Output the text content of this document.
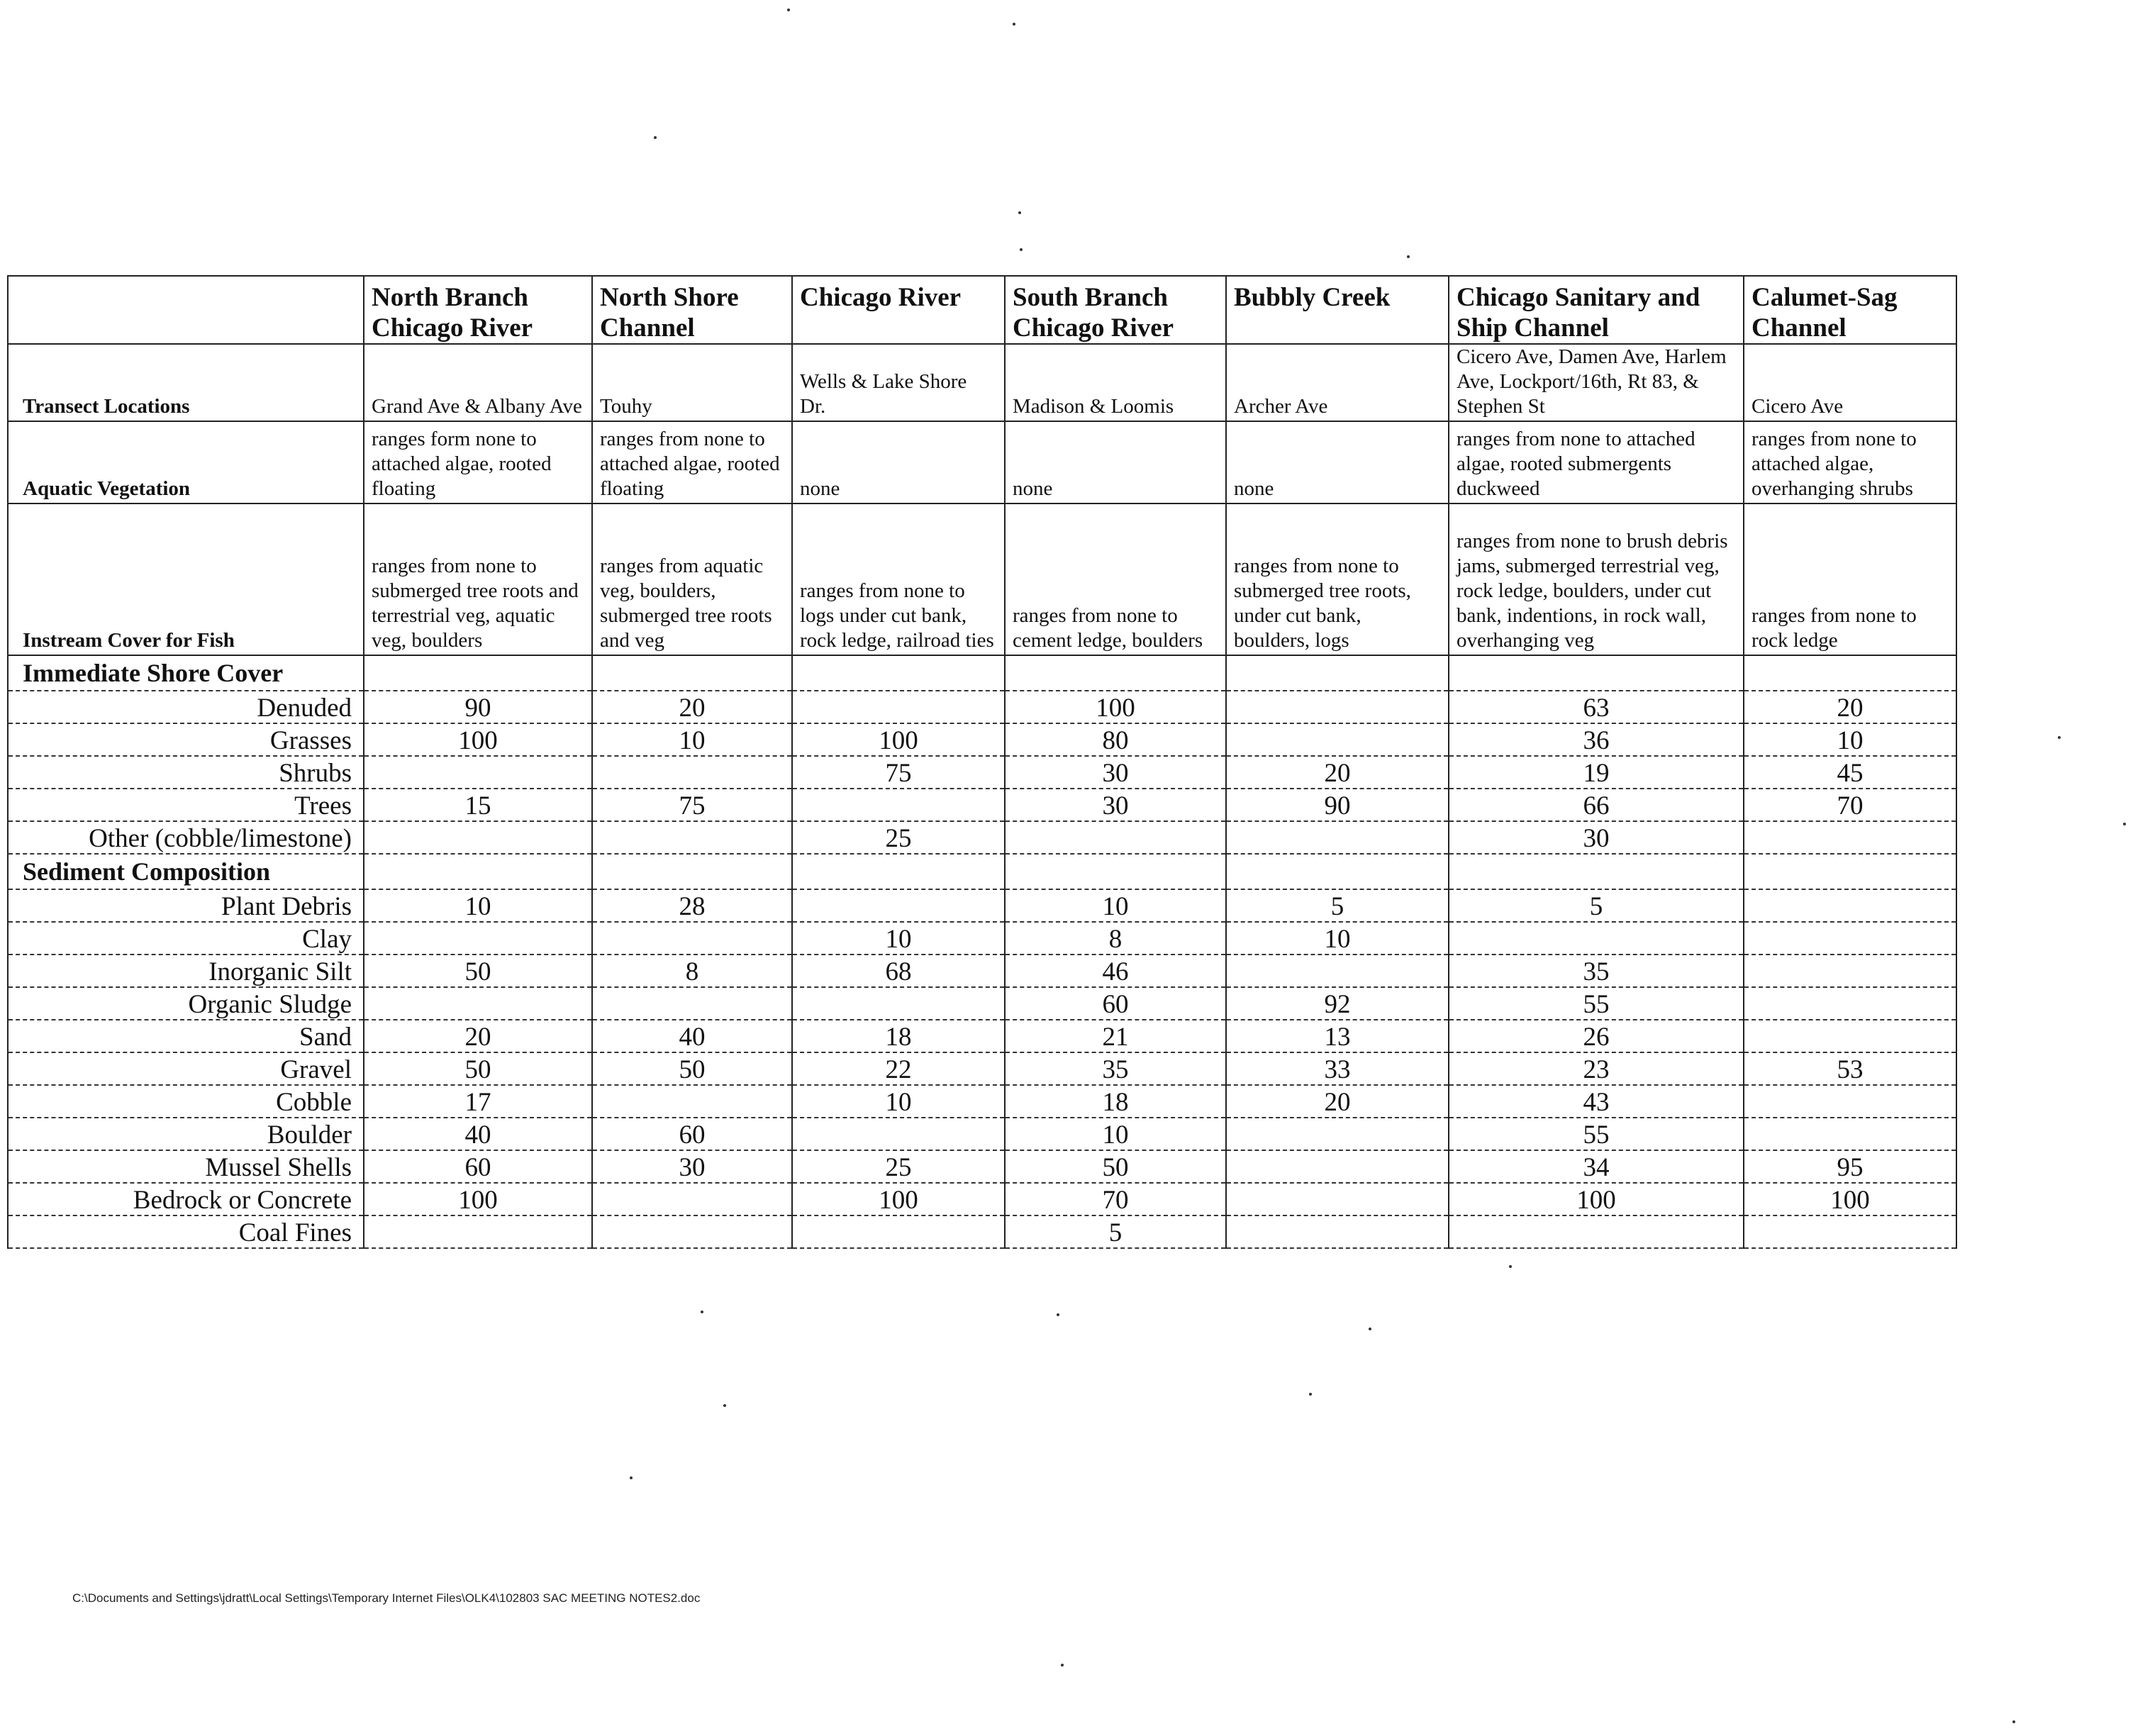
	North Branch Chicago River	North Shore Channel	Chicago River	South Branch Chicago River	Bubbly Creek	Chicago Sanitary and Ship Channel	Calumet-Sag Channel
Transect Locations	Grand Ave & Albany Ave	Touhy	Wells & Lake Shore Dr.	Madison & Loomis	Archer Ave	Cicero Ave, Damen Ave, Harlem Ave, Lockport/16th, Rt 83, & Stephen St	Cicero Ave
Aquatic Vegetation	ranges form none to attached algae, rooted floating	ranges from none to attached algae, rooted floating	none	none	none	ranges from none to attached algae, rooted submergents duckweed	ranges from none to attached algae, overhanging shrubs
Instream Cover for Fish	ranges from none to submerged tree roots and terrestrial veg, aquatic veg, boulders	ranges from aquatic veg, boulders, submerged tree roots and veg	ranges from none to logs under cut bank, rock ledge, railroad ties	ranges from none to cement ledge, boulders	ranges from none to submerged tree roots, under cut bank, boulders, logs	ranges from none to brush debris jams, submerged terrestrial veg, rock ledge, boulders, under cut bank, indentions, in rock wall, overhanging veg	ranges from none to rock ledge
Immediate Shore Cover							
Denuded	90	20		100		63	20
Grasses	100	10	100	80		36	10
Shrubs			75	30	20	19	45
Trees	15	75		30	90	66	70
Other (cobble/limestone)			25			30	
Sediment Composition							
Plant Debris	10	28		10	5	5	
Clay			10	8	10		
Inorganic Silt	50	8	68	46		35	
Organic Sludge				60	92	55	
Sand	20	40	18	21	13	26	
Gravel	50	50	22	35	33	23	53
Cobble	17		10	18	20	43	
Boulder	40	60		10		55	
Mussel Shells	60	30	25	50		34	95
Bedrock or Concrete	100		100	70		100	100
Coal Fines				5			
C:\Documents and Settings\jdratt\Local Settings\Temporary Internet Files\OLK4\102803 SAC MEETING NOTES2.doc
